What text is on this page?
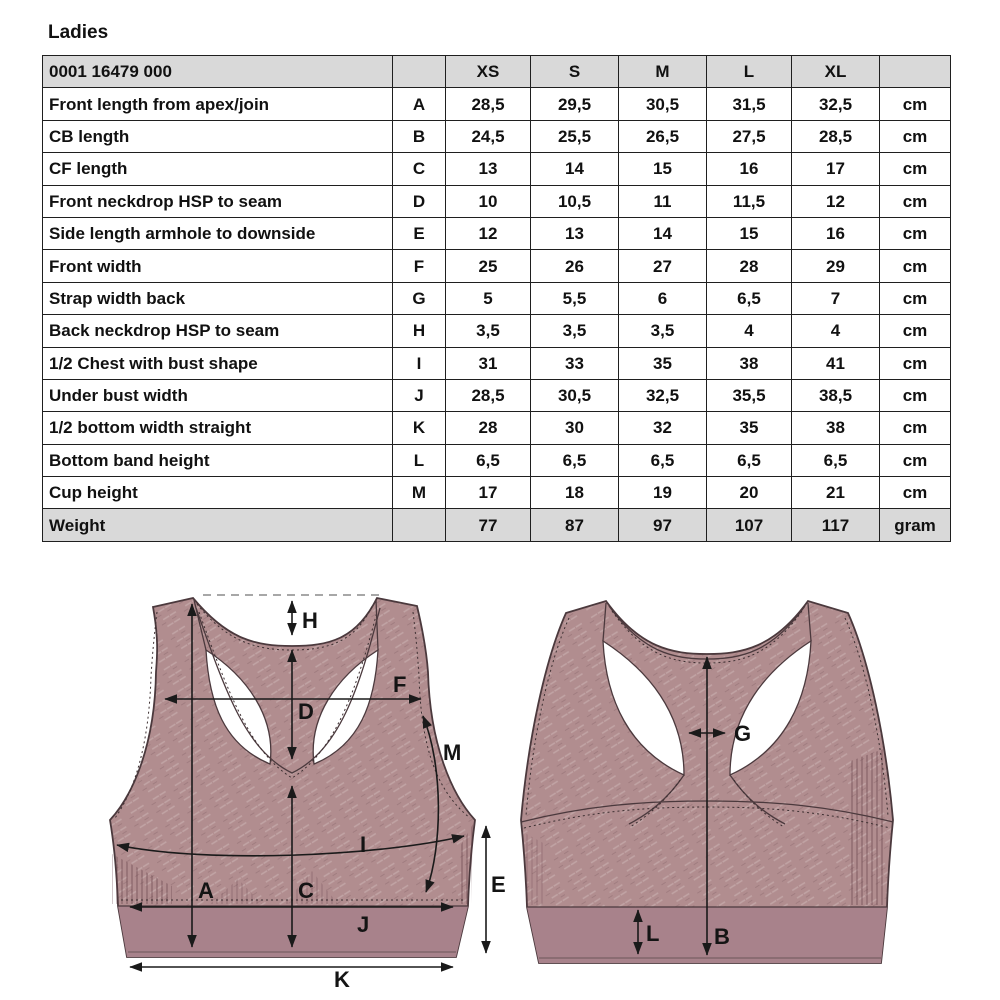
Ladies
0001 16479 000		XS	S	M	L	XL	
Front length from apex/join	A	28,5	29,5	30,5	31,5	32,5	cm
CB length	B	24,5	25,5	26,5	27,5	28,5	cm
CF length	C	13	14	15	16	17	cm
Front neckdrop HSP to seam	D	10	10,5	11	11,5	12	cm
Side length armhole to downside	E	12	13	14	15	16	cm
Front width	F	25	26	27	28	29	cm
Strap width back	G	5	5,5	6	6,5	7	cm
Back neckdrop HSP to seam	H	3,5	3,5	3,5	4	4	cm
1/2 Chest with bust shape	I	31	33	35	38	41	cm
Under bust width	J	28,5	30,5	32,5	35,5	38,5	cm
1/2 bottom width straight	K	28	30	32	35	38	cm
Bottom band height	L	6,5	6,5	6,5	6,5	6,5	cm
Cup height	M	17	18	19	20	21	cm
Weight		77	87	97	107	117	gram
H
F
D
M
I
A	C	E
J
K
G
L B
